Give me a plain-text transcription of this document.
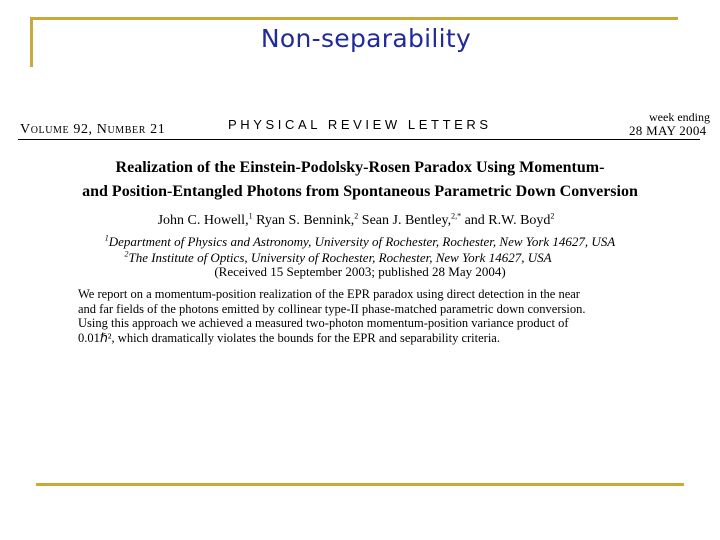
Non-separability
Volume 92, Number 21	PHYSICAL REVIEW LETTERS	week ending
28 MAY 2004
Realization of the Einstein-Podolsky-Rosen Paradox Using Momentum-
and Position-Entangled Photons from Spontaneous Parametric Down Conversion
John C. Howell,$^1$ Ryan S. Bennink,$^2$ Sean J. Bentley,$^{2,*}$ and R.W. Boyd$^2$
$^1$Department of Physics and Astronomy, University of Rochester, Rochester, New York 14627, USA
$^2$The Institute of Optics, University of Rochester, Rochester, New York 14627, USA
(Received 15 September 2003; published 28 May 2004)
We report on a momentum-position realization of the EPR paradox using direct detection in the near
and far fields of the photons emitted by collinear type-II phase-matched parametric down conversion.
Using this approach we achieved a measured two-photon momentum-position variance product of
0.01ℏ², which dramatically violates the bounds for the EPR and separability criteria.
